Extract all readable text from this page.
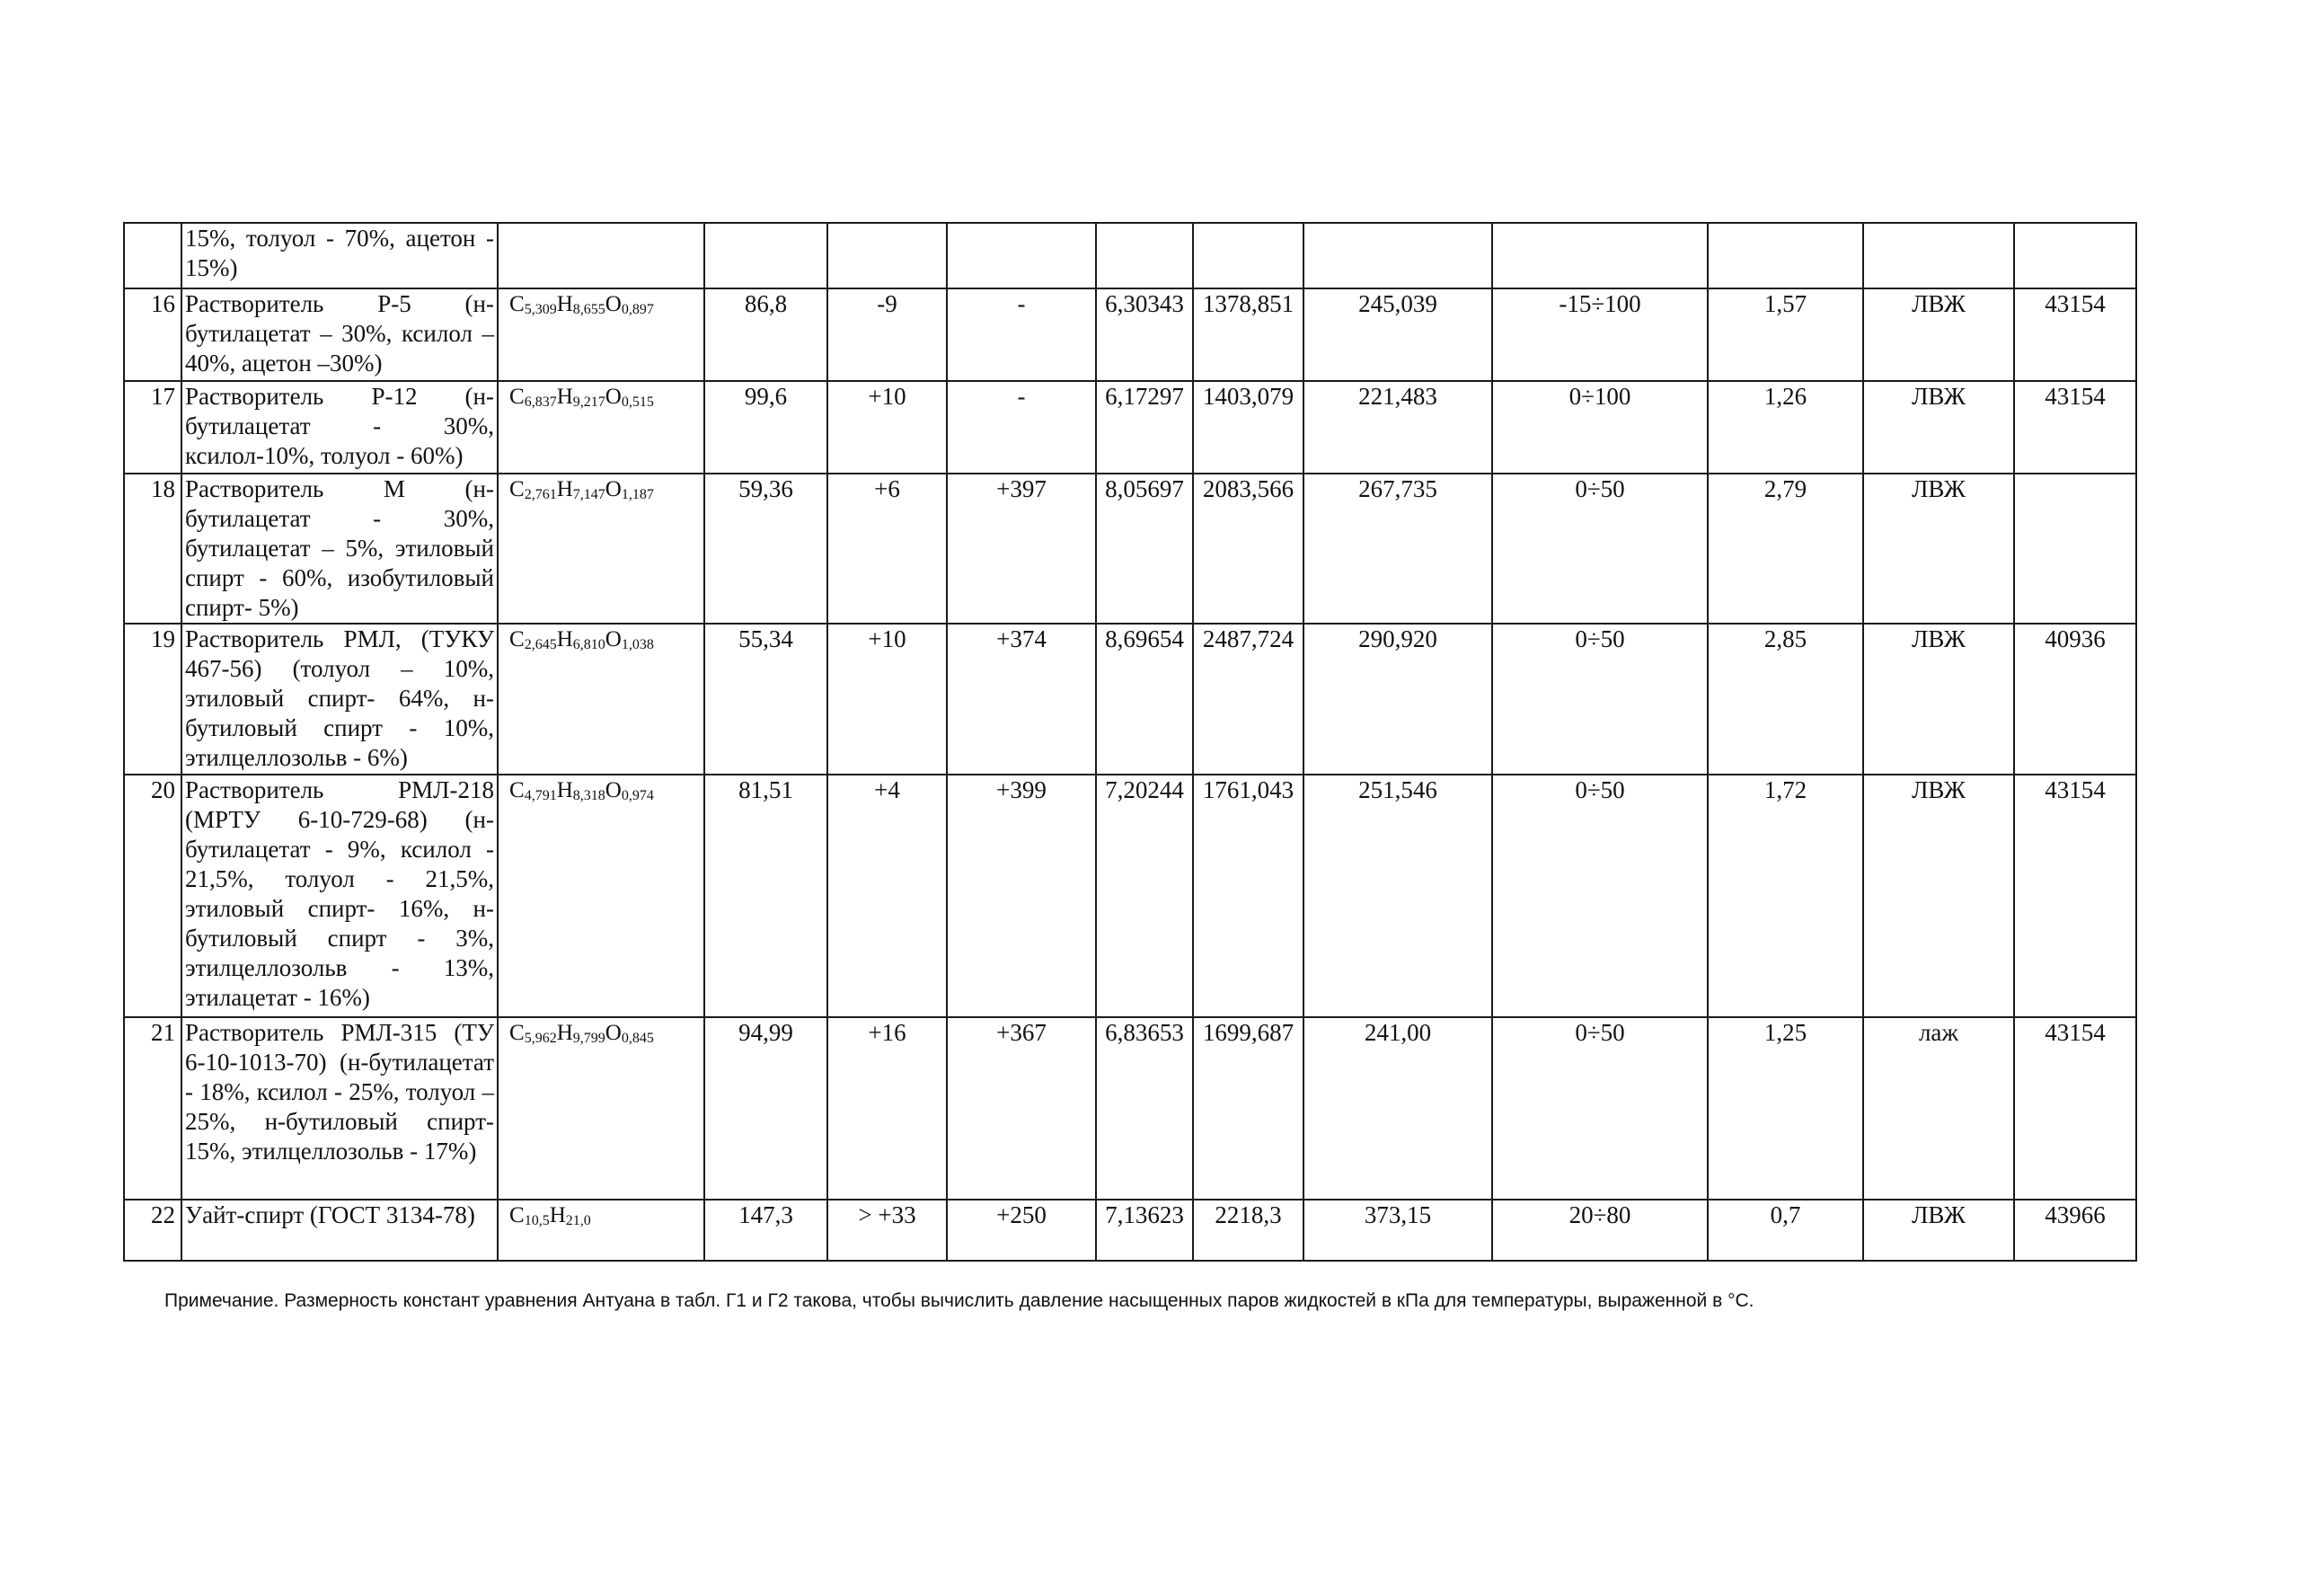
	15%, толуол - 70%, ацетон - 15%)											
16	Растворитель Р-5 (н-бутилацетат – 30%, ксилол – 40%, ацетон –30%)	$C_{5,309}H_{8,655}O_{0,897}$	86,8	-9	-	6,30343	1378,851	245,039	-15÷100	1,57	ЛВЖ	43154
17	Растворитель Р-12 (н-бутилацетат - 30%, ксилол-10%, толуол - 60%)	$C_{6,837}H_{9,217}O_{0,515}$	99,6	+10	-	6,17297	1403,079	221,483	0÷100	1,26	ЛВЖ	43154
18	Растворитель М (н-бутилацетат - 30%, бутилацетат – 5%, этиловый спирт - 60%, изобутиловый спирт- 5%)	$C_{2,761}H_{7,147}O_{1,187}$	59,36	+6	+397	8,05697	2083,566	267,735	0÷50	2,79	ЛВЖ	
19	Растворитель РМЛ, (ТУКУ 467-56) (толуол – 10%, этиловый спирт- 64%, н-бутиловый спирт - 10%, этилцеллозольв - 6%)	$C_{2,645}H_{6,810}O_{1,038}$	55,34	+10	+374	8,69654	2487,724	290,920	0÷50	2,85	ЛВЖ	40936
20	Растворитель РМЛ-218 (МРТУ 6-10-729-68) (н-бутилацетат - 9%, ксилол - 21,5%, толуол - 21,5%, этиловый спирт- 16%, н-бутиловый спирт - 3%, этилцеллозольв - 13%, этилацетат - 16%)	$C_{4,791}H_{8,318}O_{0,974}$	81,51	+4	+399	7,20244	1761,043	251,546	0÷50	1,72	ЛВЖ	43154
21	Растворитель РМЛ-315 (ТУ 6-10-1013-70) (н-бутилацетат - 18%, ксилол - 25%, толуол – 25%, н-бутиловый спирт- 15%, этилцеллозольв - 17%)	$C_{5,962}H_{9,799}O_{0,845}$	94,99	+16	+367	6,83653	1699,687	241,00	0÷50	1,25	лаж	43154
22	Уайт-спирт (ГОСТ 3134-78)	$C_{10,5}H_{21,0}$	147,3	> +33	+250	7,13623	2218,3	373,15	20÷80	0,7	ЛВЖ	43966
Примечание. Размерность констант уравнения Антуана в табл. Г1 и Г2 такова, чтобы вычислить давление насыщенных паров жидкостей в кПа для температуры, выраженной в °С.
